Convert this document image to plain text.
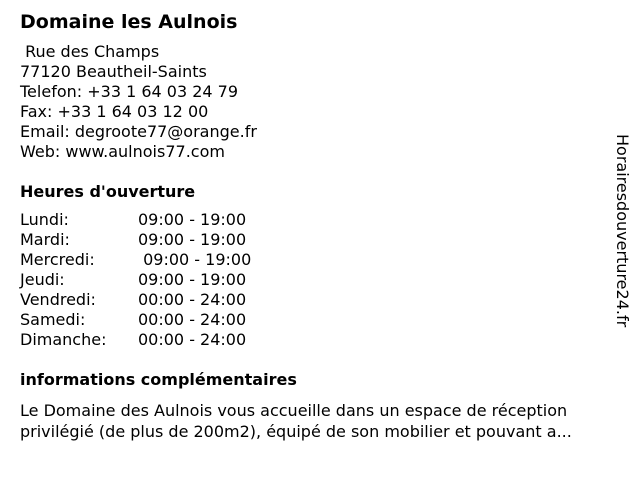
Domaine les Aulnois
Rue des Champs
77120 Beautheil-Saints
Telefon: +33 1 64 03 24 79
Fax: +33 1 64 03 12 00
Email: degroote77@orange.fr
Web: www.aulnois77.com
Heures d'ouverture
Lundi:	09:00 - 19:00
Mardi:	09:00 - 19:00
Mercredi:	09:00 - 19:00
Jeudi:	09:00 - 19:00
Vendredi:	00:00 - 24:00
Samedi:	00:00 - 24:00
Dimanche:	00:00 - 24:00
informations complémentaires
Le Domaine des Aulnois vous accueille dans un espace de réception privilégié (de plus de 200m2), équipé de son mobilier et pouvant a...
Horairesdouverture24.fr
